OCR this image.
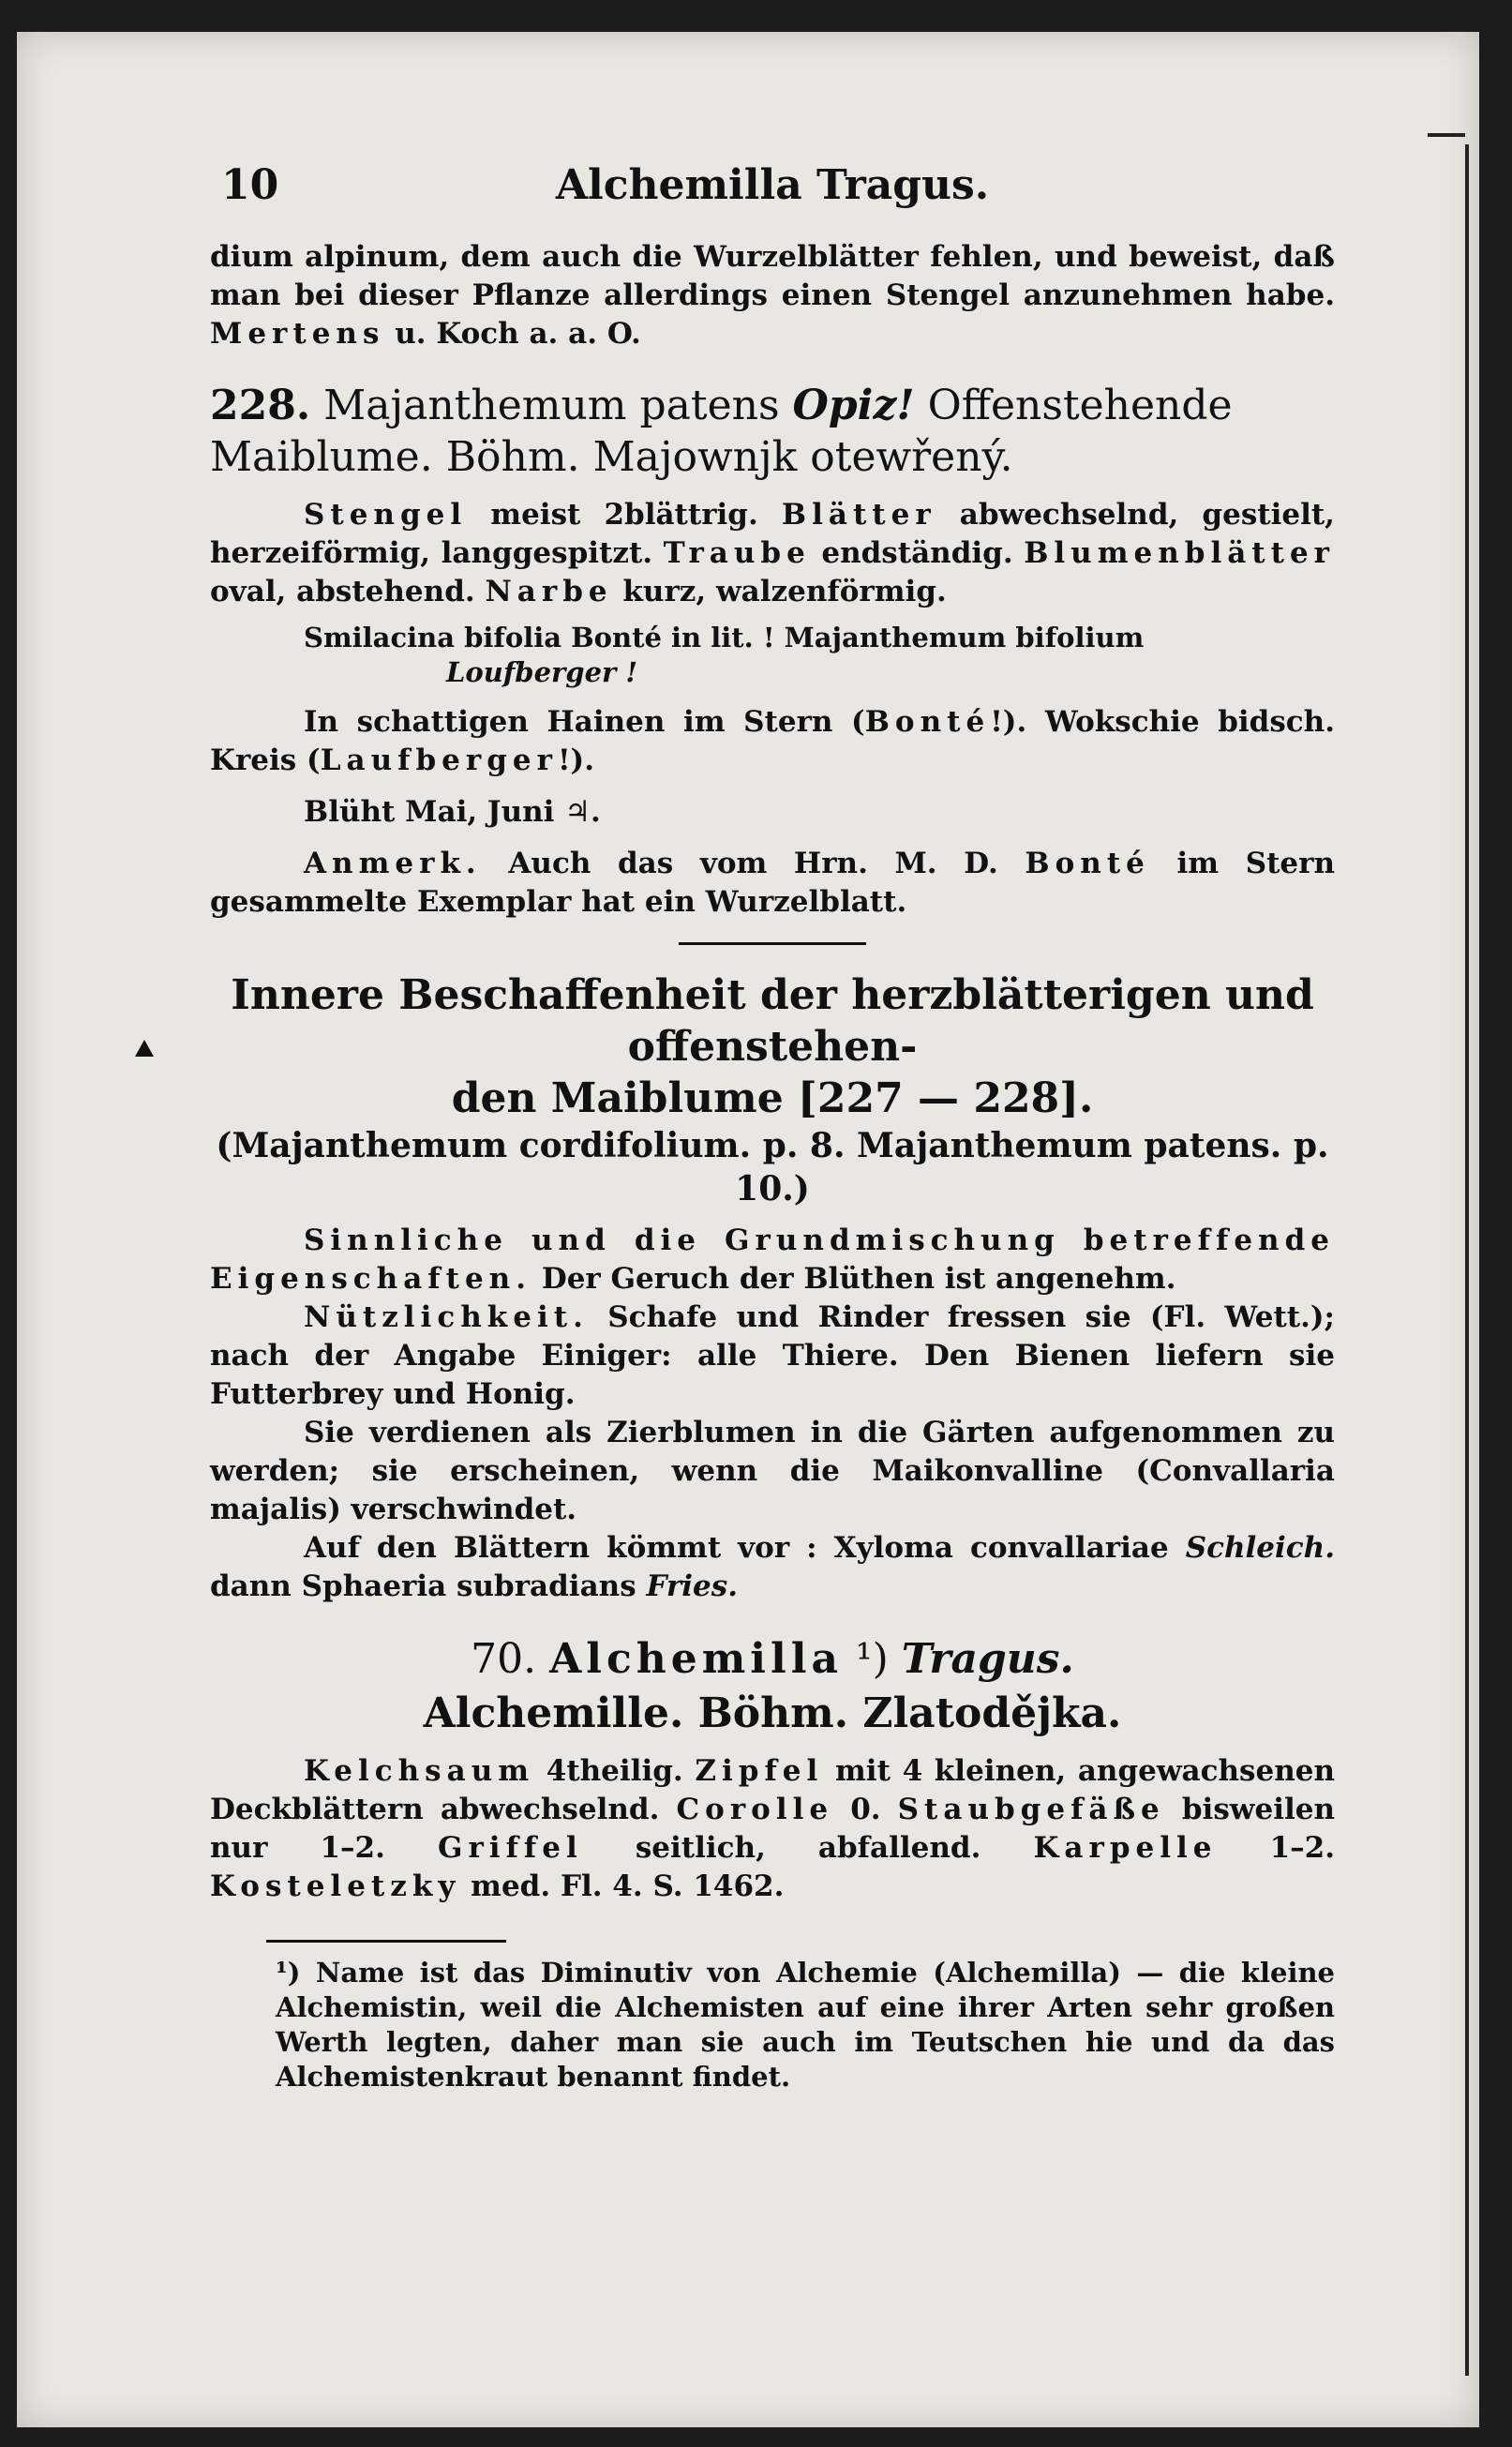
10	Alchemilla Tragus.

dium alpinum, dem auch die Wurzelblätter fehlen, und beweist, daß man bei dieser Pflanze allerdings einen Stengel anzunehmen habe. Mertens u. Koch a. a. O.

228. Majanthemum patens Opiz! Offenstehende Maiblume. Böhm. Majownjk otewřený.

Stengel meist 2blättrig. Blätter abwechselnd, gestielt, herzeiförmig, langgespitzt. Traube endständig. Blumenblätter oval, abstehend. Narbe kurz, walzenförmig.

Smilacina bifolia Bonté in lit. ! Majanthemum bifolium

Loufberger !

In schattigen Hainen im Stern (Bonté!). Wokschie bidsch. Kreis (Laufberger!).

Blüht Mai, Juni ♃.

Anmerk. Auch das vom Hrn. M. D. Bonté im Stern gesammelte Exemplar hat ein Wurzelblatt.

Innere Beschaffenheit der herzblätterigen und offenstehen-
den Maiblume [227 — 228].
(Majanthemum cordifolium. p. 8. Majanthemum patens. p. 10.)

Sinnliche und die Grundmischung betreffende Eigenschaften. Der Geruch der Blüthen ist angenehm.

Nützlichkeit. Schafe und Rinder fressen sie (Fl. Wett.); nach der Angabe Einiger: alle Thiere. Den Bienen liefern sie Futterbrey und Honig.

Sie verdienen als Zierblumen in die Gärten aufgenommen zu werden; sie erscheinen, wenn die Maikonvalline (Convallaria majalis) verschwindet.

Auf den Blättern kömmt vor : Xyloma convallariae Schleich. dann Sphaeria subradians Fries.

70. Alchemilla ¹) Tragus.
Alchemille. Böhm. Zlatodějka.

Kelchsaum 4theilig. Zipfel mit 4 kleinen, angewachsenen Deckblättern abwechselnd. Corolle 0. Staubgefäße bisweilen nur 1–2. Griffel seitlich, abfallend. Karpelle 1–2. Kosteletzky med. Fl. 4. S. 1462.

¹) Name ist das Diminutiv von Alchemie (Alchemilla) — die kleine Alchemistin, weil die Alchemisten auf eine ihrer Arten sehr großen Werth legten, daher man sie auch im Teutschen hie und da das Alchemistenkraut benannt findet.
